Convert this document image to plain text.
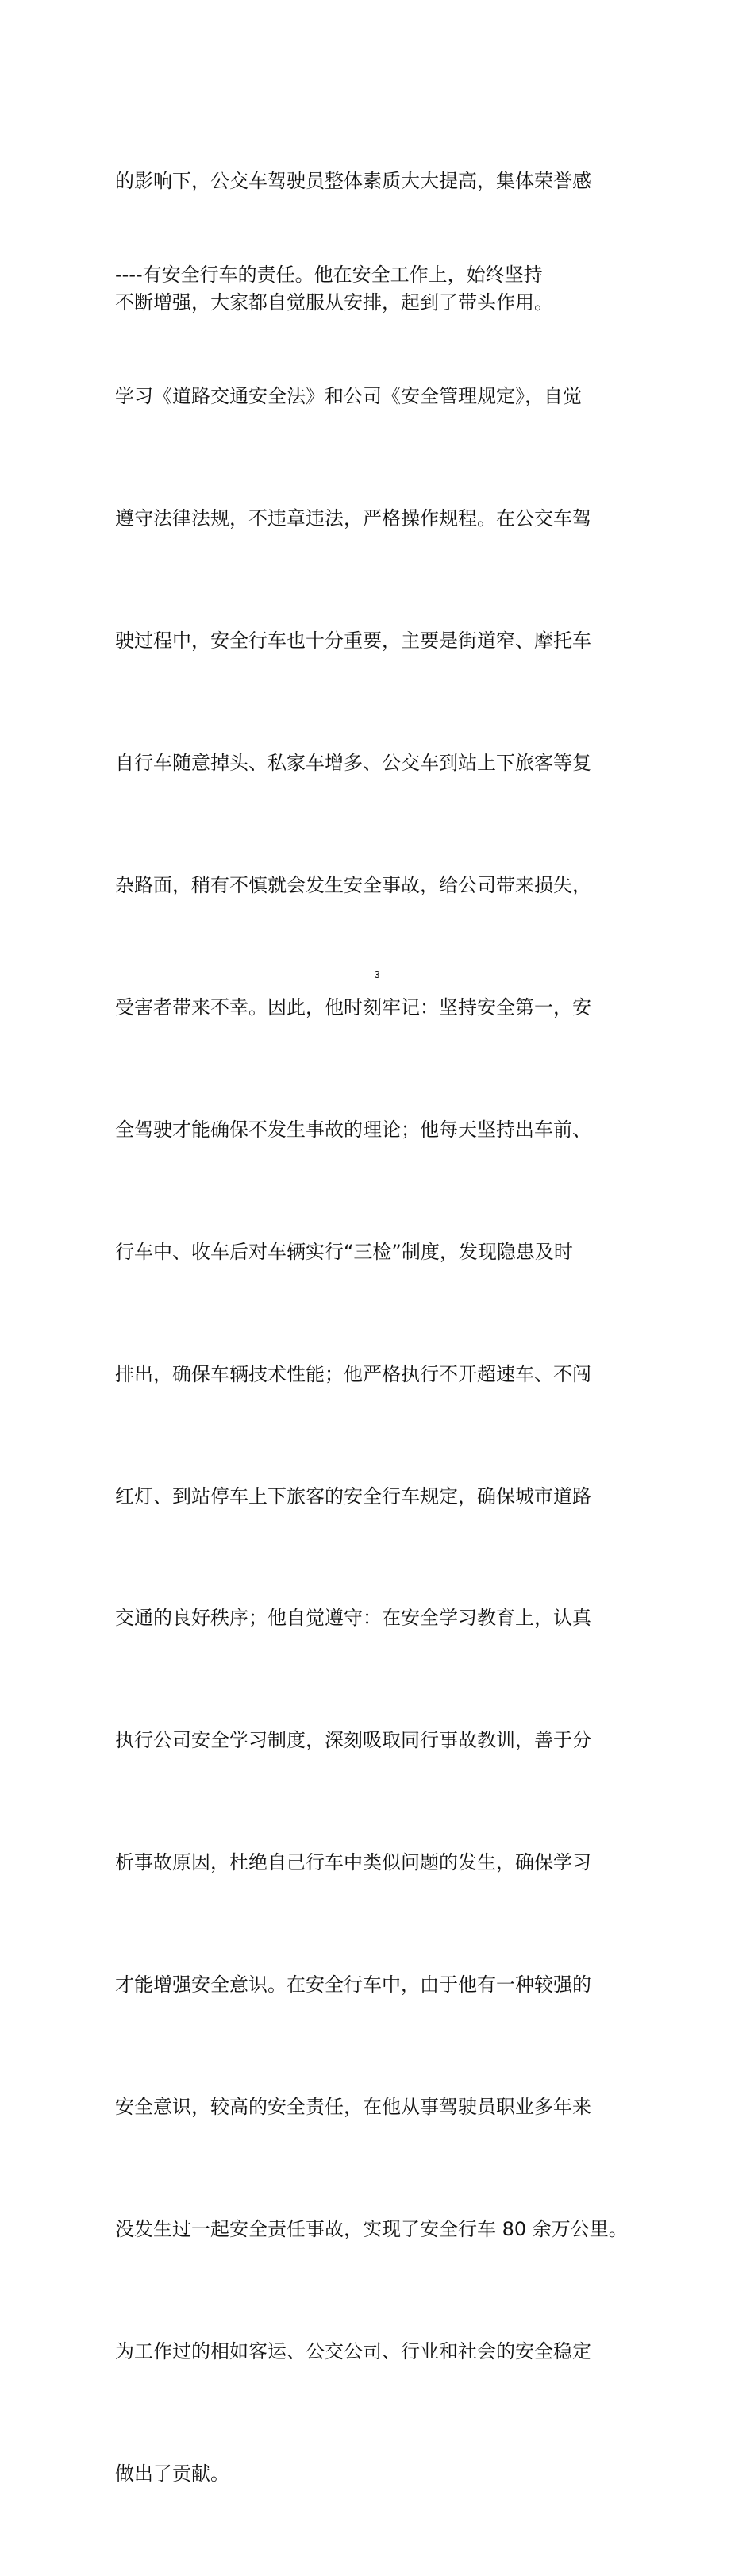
的影响下，公交车驾驶员整体素质大大提高，集体荣誉感

不断增强，大家都自觉服从安排，起到了带头作用。

----有安全行车的责任。他在安全工作上，始终坚持

学习《道路交通安全法》和公司《安全管理规定》，自觉

遵守法律法规，不违章违法，严格操作规程。在公交车驾

驶过程中，安全行车也十分重要，主要是街道窄、摩托车

自行车随意掉头、私家车增多、公交车到站上下旅客等复

杂路面，稍有不慎就会发生安全事故，给公司带来损失，

受害者带来不幸。因此，他时刻牢记：坚持安全第一，安

全驾驶才能确保不发生事故的理论；他每天坚持出车前、

行车中、收车后对车辆实行“三检”制度，发现隐患及时

排出，确保车辆技术性能；他严格执行不开超速车、不闯

红灯、到站停车上下旅客的安全行车规定，确保城市道路

交通的良好秩序；他自觉遵守：在安全学习教育上，认真

执行公司安全学习制度，深刻吸取同行事故教训，善于分

析事故原因，杜绝自己行车中类似问题的发生，确保学习

才能增强安全意识。在安全行车中，由于他有一种较强的

安全意识，较高的安全责任，在他从事驾驶员职业多年来

没发生过一起安全责任事故，实现了安全行车 80 余万公里。

为工作过的相如客运、公交公司、行业和社会的安全稳定

做出了贡献。

3
